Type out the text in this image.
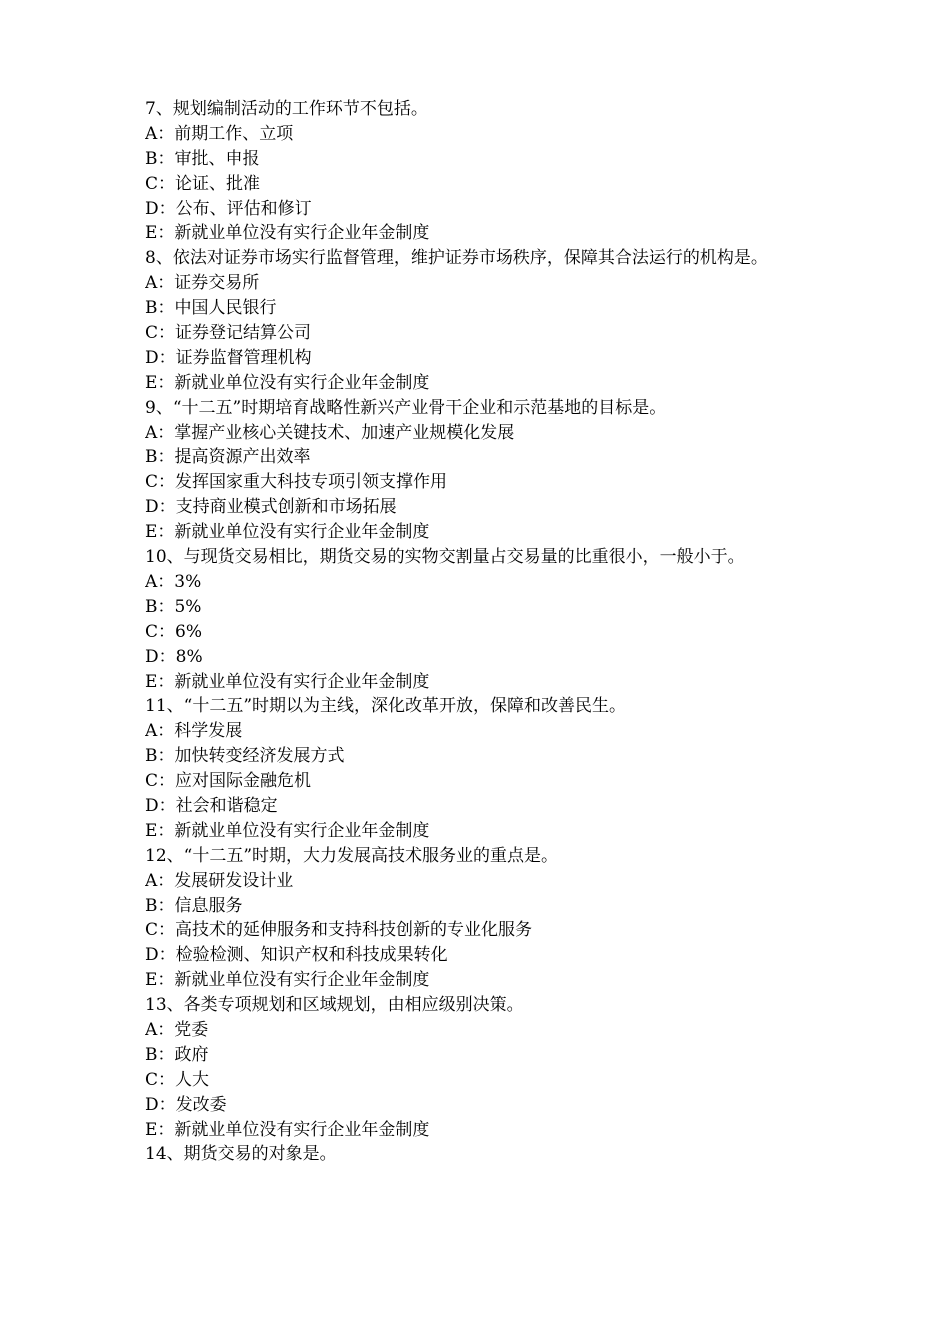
7、规划编制活动的工作环节不包括。
A：前期工作、立项
B：审批、申报
C：论证、批准
D：公布、评估和修订
E：新就业单位没有实行企业年金制度
8、依法对证券市场实行监督管理，维护证券市场秩序，保障其合法运行的机构是。
A：证券交易所
B：中国人民银行
C：证券登记结算公司
D：证券监督管理机构
E：新就业单位没有实行企业年金制度
9、“十二五”时期培育战略性新兴产业骨干企业和示范基地的目标是。
A：掌握产业核心关键技术、加速产业规模化发展
B：提高资源产出效率
C：发挥国家重大科技专项引领支撑作用
D：支持商业模式创新和市场拓展
E：新就业单位没有实行企业年金制度
10、与现货交易相比，期货交易的实物交割量占交易量的比重很小，一般小于。
A：3%
B：5%
C：6%
D：8%
E：新就业单位没有实行企业年金制度
11、“十二五”时期以为主线，深化改革开放，保障和改善民生。
A：科学发展
B：加快转变经济发展方式
C：应对国际金融危机
D：社会和谐稳定
E：新就业单位没有实行企业年金制度
12、“十二五”时期，大力发展高技术服务业的重点是。
A：发展研发设计业
B：信息服务
C：高技术的延伸服务和支持科技创新的专业化服务
D：检验检测、知识产权和科技成果转化
E：新就业单位没有实行企业年金制度
13、各类专项规划和区域规划，由相应级别决策。
A：党委
B：政府
C：人大
D：发改委
E：新就业单位没有实行企业年金制度
14、期货交易的对象是。
